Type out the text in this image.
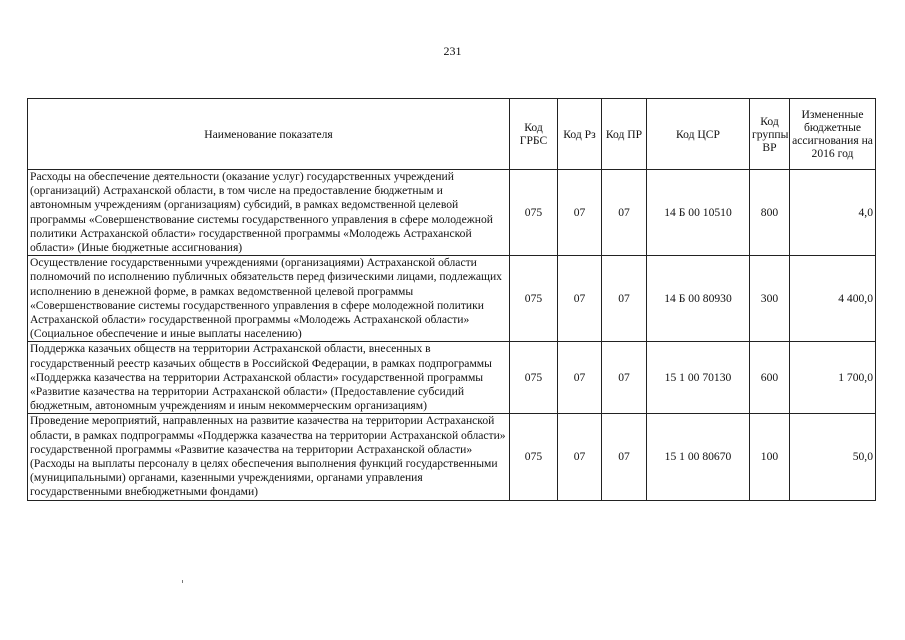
231
Наименование показателя	Код ГРБС	Код Рз	Код ПР	Код ЦСР	Код группы ВР	Измененные бюджетные ассигнования на 2016 год
Расходы на обеспечение деятельности (оказание услуг) государственных учреждений (организаций) Астраханской области, в том числе на предоставление бюджетным и автономным учреждениям (организациям) субсидий, в рамках ведомственной целевой программы «Совершенствование системы государственного управления в сфере молодежной политики Астраханской области» государственной программы «Молодежь Астраханской области» (Иные бюджетные ассигнования)	075	07	07	14 Б 00 10510	800	4,0
Осуществление государственными учреждениями (организациями) Астраханской области полномочий по исполнению публичных обязательств перед физическими лицами, подлежащих исполнению в денежной форме, в рамках ведомственной целевой программы «Совершенствование системы государственного управления в сфере молодежной политики Астраханской области» государственной программы «Молодежь Астраханской области» (Социальное обеспечение и иные выплаты населению)	075	07	07	14 Б 00 80930	300	4 400,0
Поддержка казачьих обществ на территории Астраханской области, внесенных в государственный реестр казачьих обществ в Российской Федерации, в рамках подпрограммы «Поддержка казачества на территории Астраханской области» государственной программы «Развитие казачества на территории Астраханской области» (Предоставление субсидий бюджетным, автономным учреждениям и иным некоммерческим организациям)	075	07	07	15 1 00 70130	600	1 700,0
Проведение мероприятий, направленных на развитие казачества на территории Астраханской области, в рамках подпрограммы «Поддержка казачества на территории Астраханской области» государственной программы «Развитие казачества на территории Астраханской области» (Расходы на выплаты персоналу в целях обеспечения выполнения функций государственными (муниципальными) органами, казенными учреждениями, органами управления государственными внебюджетными фондами)	075	07	07	15 1 00 80670	100	50,0
